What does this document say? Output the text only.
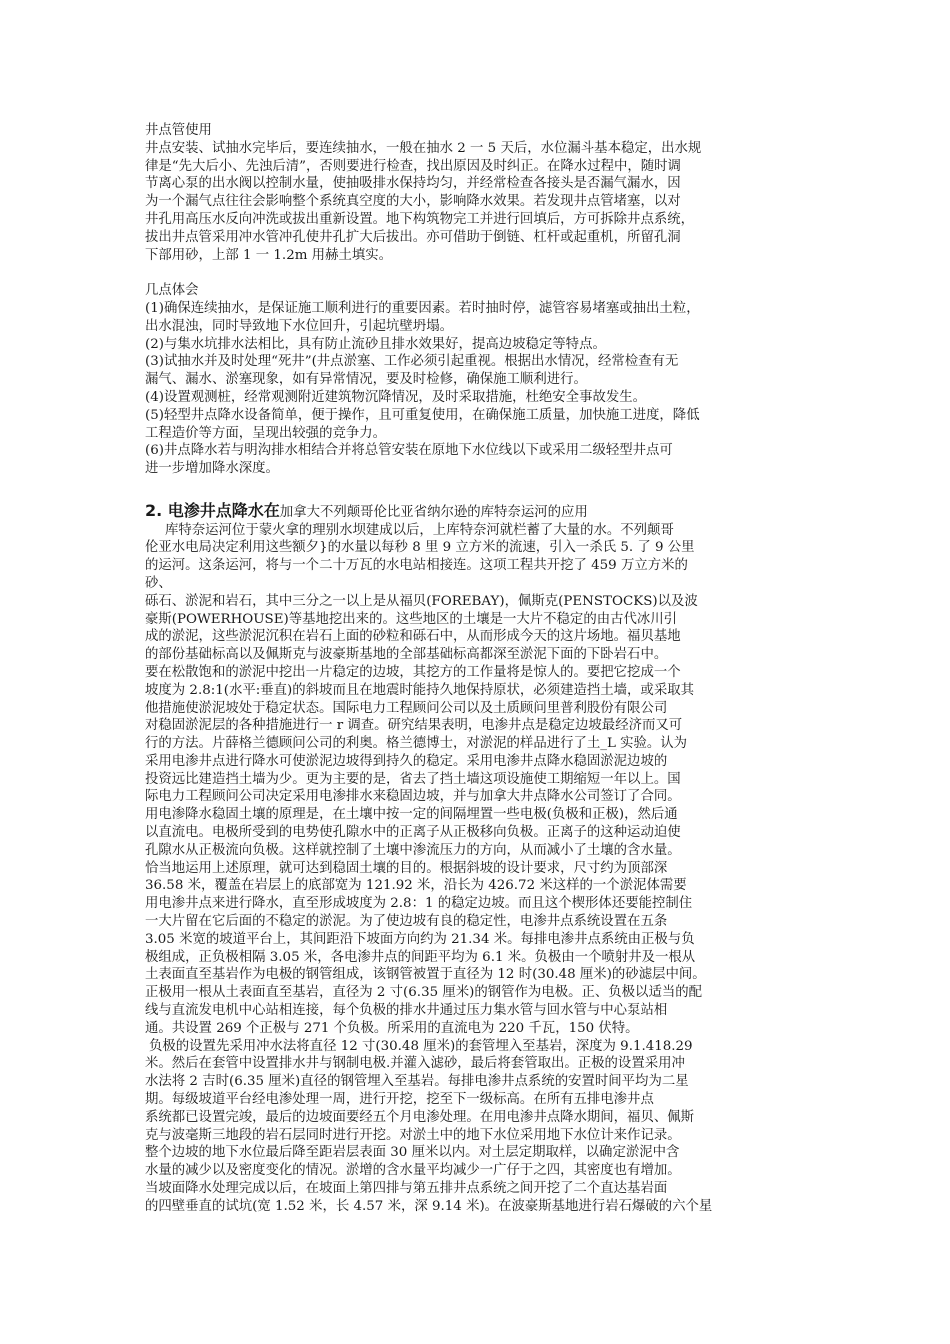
井点管使用
井点安装、试抽水完毕后，要连续抽水，一般在抽水 2 一 5 天后，水位漏斗基本稳定，出水规
律是“先大后小、先浊后清”，否则要进行检查，找出原因及时纠正。在降水过程中，随时调
节离心泵的出水阀以控制水量，使抽吸排水保持均匀，并经常检查各接头是否漏气漏水，因
为一个漏气点往往会影响整个系统真空度的大小，影响降水效果。若发现井点管堵塞，以对
井孔用高压水反向冲洗或拔出重新设置。地下构筑物完工并进行回填后，方可拆除井点系统，
拔出井点管采用冲水管冲孔使井孔扩大后拔出。亦可借助于倒链、杠杆或起重机，所留孔洞
下部用砂，上部 1 一 1.2m 用赫土填实。
几点体会
(1)确保连续抽水，是保证施工顺利进行的重要因素。若时抽时停，滤管容易堵塞或抽出土粒，
出水混浊，同时导致地下水位回升，引起坑壁坍塌。
(2)与集水坑排水法相比，具有防止流砂且排水效果好，提高边坡稳定等特点。
(3)试抽水并及时处理“死井”(井点淤塞、工作必须引起重视。根据出水情况，经常检查有无
漏气、漏水、淤塞现象，如有异常情况，要及时检修，确保施工顺利进行。
(4)设置观测桩，经常观测附近建筑物沉降情况，及时采取措施，杜绝安全事故发生。
(5)轻型井点降水设备简单，便于操作，且可重复使用，在确保施工质量，加快施工进度，降低
工程造价等方面，呈现出较强的竞争力。
(6)井点降水若与明沟排水相结合并将总管安装在原地下水位线以下或采用二级轻型井点可
进一步增加降水深度。
2. 电渗井点降水在加拿大不列颠哥伦比亚省纳尔逊的库特奈运河的应用
库特奈运河位于蒙火拿的理别水坝建成以后，上库特奈河就栏蓄了大量的水。不列颠哥
伦亚水电局决定利用这些额夕}的水量以每秒 8 里 9 立方米的流速，引入一杀氏 5. 了 9 公里
的运河。这条运河，将与一个二十万瓦的水电站相接连。这项工程共开挖了 459 万立方米的
砂、
砾石、淤泥和岩石，其中三分之一以上是从福贝(FOREBAY)，佩斯克(PENSTOCKS)以及波
豪斯(POWERHOUSE)等基地挖出来的。这些地区的土壤是一大片不稳定的由古代冰川引
成的淤泥，这些淤泥沉积在岩石上面的砂粒和砾石中，从而形成今天的这片场地。福贝基地
的部份基础标高以及佩斯克与波豪斯基地的全部基础标高都深至淤泥下面的下卧岩石中。
要在松散饱和的淤泥中挖出一片稳定的边坡，其挖方的工作量将是惊人的。要把它挖成一个
坡度为 2.8:1(水平:垂直)的斜坡而且在地震时能持久地保持原状，必须建造挡土墙，或采取其
他措施使淤泥坡处于稳定状态。国际电力工程顾问公司以及土质顾问里普利股份有限公司
对稳固淤泥层的各种措施进行一 r 调查。研究结果表明，电渗井点是稳定边坡最经济而又可
行的方法。片薛格兰德顾问公司的利奥。格兰德博士，对淤泥的样品进行了土_L 实验。认为
采用电渗井点进行降水可使淤泥边坡得到持久的稳定。采用电渗井点降水稳固淤泥边坡的
投资远比建造挡土墙为少。更为主要的是，省去了挡土墙这项设施使工期缩短一年以上。国
际电力工程顾问公司决定采用电渗排水来稳固边坡，并与加拿大井点降水公司签订了合同。
用电渗降水稳固土壤的原理是，在土壤中按一定的间隔埋置一些电极(负极和正极)，然后通
以直流电。电极所受到的电势使孔隙水中的正离子从正极移向负极。正离子的这种运动迫使
孔隙水从正极流向负极。这样就控制了土壤中渗流压力的方向，从而减小了土壤的含水量。
恰当地运用上述原理，就可达到稳固土壤的目的。根据斜坡的设计要求，尺寸约为顶部深
36.58 米，覆盖在岩层上的底部宽为 121.92 米，沿长为 426.72 米这样的一个淤泥体需要
用电渗井点来进行降水，直至形成坡度为 2.8：1 的稳定边坡。而且这个楔形体还要能控制住
一大片留在它后面的不稳定的淤泥。为了使边坡有良的稳定性，电渗井点系统设置在五条
3.05 米宽的坡道平台上，其间距沿下坡面方向约为 21.34 米。每排电渗井点系统由正极与负
极组成，正负极相隔 3.05 米，各电渗井点的间距平均为 6.1 米。负极由一个喷射井及一根从
土表面直至基岩作为电极的钢管组成，该钢管被置于直径为 12 时(30.48 厘米)的砂滤层中间。
正极用一根从土表面直至基岩，直径为 2 寸(6.35 厘米)的钢管作为电极。正、负极以适当的配
线与直流发电机中心站相连接，每个负极的排水井通过压力集水管与回水管与中心泵站相
通。共设置 269 个正极与 271 个负极。所采用的直流电为 220 千瓦，150 伏特。
负极的设置先采用冲水法将直径 12 寸(30.48 厘米)的套管埋入至基岩，深度为 9.1.418.29
米。然后在套管中设置排水井与钢制电极.并灌入滤砂，最后将套管取出。正极的设置采用冲
水法将 2 吉时(6.35 厘米)直径的钢管埋入至基岩。每排电渗井点系统的安置时间平均为二星
期。每级坡道平台经电渗处理一周，进行开挖，挖至下一级标高。在所有五排电渗井点
系统都已设置完竣，最后的边坡面要经五个月电渗处理。在用电渗井点降水期间，福贝、佩斯
克与波毫斯三地段的岩石层同时进行开挖。对淤土中的地下水位采用地下水位计来作记录。
整个边坡的地下水位最后降至距岩层表面 30 厘米以内。对土层定期取样，以确定淤泥中含
水量的减少以及密度变化的情况。淤增的含水量平均减少一广仔于之四，其密度也有增加。
当坡面降水处理完成以后，在坡面上第四排与第五排井点系统之间开挖了二个直达基岩面
的四壁垂直的试坑(宽 1.52 米，长 4.57 米，深 9.14 米)。在波豪斯基地进行岩石爆破的六个星
